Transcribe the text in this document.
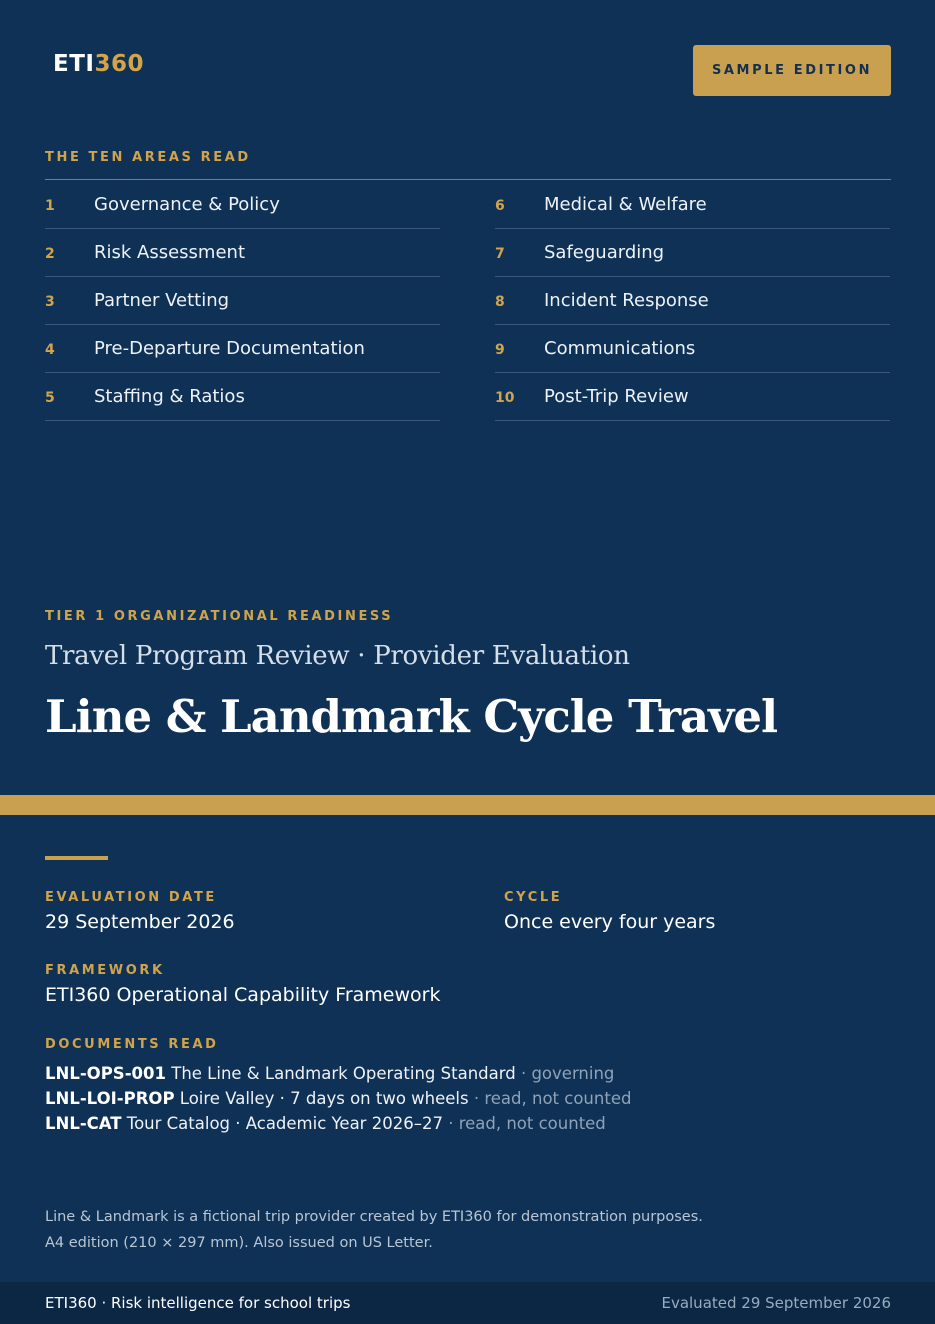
ETI360	SAMPLE EDITION
THE TEN AREAS READ
1	Governance & Policy
2	Risk Assessment
3	Partner Vetting
4	Pre-Departure Documentation
5	Staffing & Ratios
6	Medical & Welfare
7	Safeguarding
8	Incident Response
9	Communications
10	Post-Trip Review
TIER 1 ORGANIZATIONAL READINESS
Travel Program Review · Provider Evaluation
Line & Landmark Cycle Travel
EVALUATION DATE
29 September 2026
CYCLE
Once every four years
FRAMEWORK
ETI360 Operational Capability Framework
DOCUMENTS READ
LNL-OPS-001 The Line & Landmark Operating Standard · governing
LNL-LOI-PROP Loire Valley · 7 days on two wheels · read, not counted
LNL-CAT Tour Catalog · Academic Year 2026–27 · read, not counted
Line & Landmark is a fictional trip provider created by ETI360 for demonstration purposes.
A4 edition (210 × 297 mm). Also issued on US Letter.
ETI360 · Risk intelligence for school trips	Evaluated 29 September 2026
